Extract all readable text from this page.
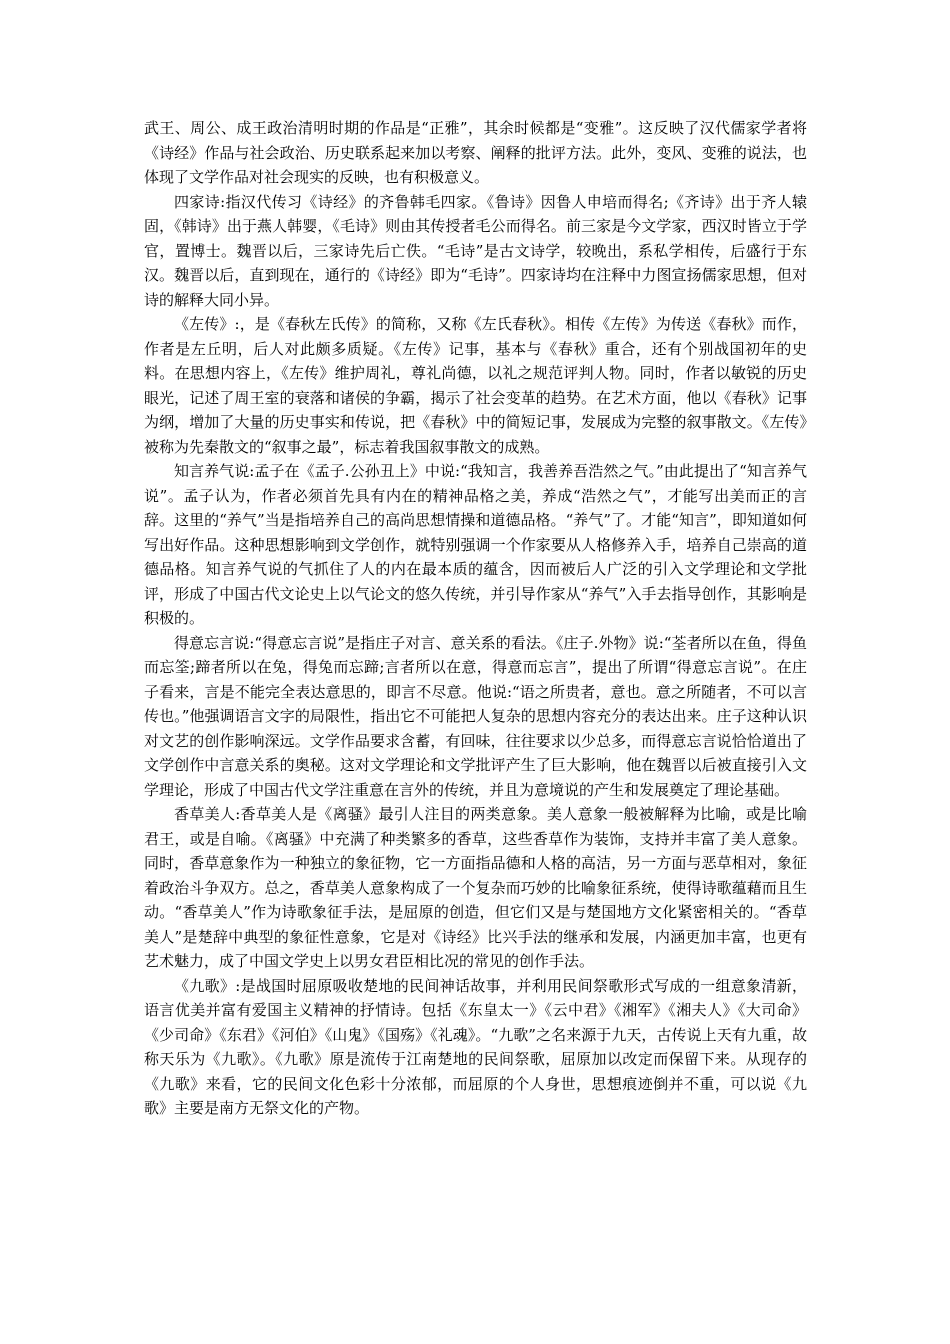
武王、周公、成王政治清明时期的作品是“正雅”，其余时候都是“变雅”。这反映了汉代儒家学者将《诗经》作品与社会政治、历史联系起来加以考察、阐释的批评方法。此外，变风、变雅的说法，也体现了文学作品对社会现实的反映，也有积极意义。

四家诗:指汉代传习《诗经》的齐鲁韩毛四家。《鲁诗》因鲁人申培而得名;《齐诗》出于齐人辕固，《韩诗》出于燕人韩婴，《毛诗》则由其传授者毛公而得名。前三家是今文学家，西汉时皆立于学官，置博士。魏晋以后，三家诗先后亡佚。“毛诗”是古文诗学，较晚出，系私学相传，后盛行于东汉。魏晋以后，直到现在，通行的《诗经》即为“毛诗”。四家诗均在注释中力图宣扬儒家思想，但对诗的解释大同小异。

《左传》:，是《春秋左氏传》的简称，又称《左氏春秋》。相传《左传》为传送《春秋》而作，作者是左丘明，后人对此颇多质疑。《左传》记事，基本与《春秋》重合，还有个别战国初年的史料。在思想内容上，《左传》维护周礼，尊礼尚德，以礼之规范评判人物。同时，作者以敏锐的历史眼光，记述了周王室的衰落和诸侯的争霸，揭示了社会变革的趋势。在艺术方面，他以《春秋》记事为纲，增加了大量的历史事实和传说，把《春秋》中的简短记事，发展成为完整的叙事散文。《左传》被称为先秦散文的“叙事之最”，标志着我国叙事散文的成熟。

知言养气说:孟子在《孟子.公孙丑上》中说:“我知言，我善养吾浩然之气。”由此提出了“知言养气说”。孟子认为，作者必须首先具有内在的精神品格之美，养成“浩然之气”，才能写出美而正的言辞。这里的“养气”当是指培养自己的高尚思想情操和道德品格。“养气”了。才能“知言”，即知道如何写出好作品。这种思想影响到文学创作，就特别强调一个作家要从人格修养入手，培养自己崇高的道德品格。知言养气说的气抓住了人的内在最本质的蕴含，因而被后人广泛的引入文学理论和文学批评，形成了中国古代文论史上以气论文的悠久传统，并引导作家从“养气”入手去指导创作，其影响是积极的。

得意忘言说:“得意忘言说”是指庄子对言、意关系的看法。《庄子.外物》说:“荃者所以在鱼，得鱼而忘筌;蹄者所以在兔，得兔而忘蹄;言者所以在意，得意而忘言”，提出了所谓“得意忘言说”。在庄子看来，言是不能完全表达意思的，即言不尽意。他说:“语之所贵者，意也。意之所随者，不可以言传也。”他强调语言文字的局限性，指出它不可能把人复杂的思想内容充分的表达出来。庄子这种认识对文艺的创作影响深远。文学作品要求含蓄，有回味，往往要求以少总多，而得意忘言说恰恰道出了文学创作中言意关系的奥秘。这对文学理论和文学批评产生了巨大影响，他在魏晋以后被直接引入文学理论，形成了中国古代文学注重意在言外的传统，并且为意境说的产生和发展奠定了理论基础。

香草美人:香草美人是《离骚》最引人注目的两类意象。美人意象一般被解释为比喻，或是比喻君王，或是自喻。《离骚》中充满了种类繁多的香草，这些香草作为装饰，支持并丰富了美人意象。同时，香草意象作为一种独立的象征物，它一方面指品德和人格的高洁，另一方面与恶草相对，象征着政治斗争双方。总之，香草美人意象构成了一个复杂而巧妙的比喻象征系统，使得诗歌蕴藉而且生动。“香草美人”作为诗歌象征手法，是屈原的创造，但它们又是与楚国地方文化紧密相关的。“香草美人”是楚辞中典型的象征性意象，它是对《诗经》比兴手法的继承和发展，内涵更加丰富，也更有艺术魅力，成了中国文学史上以男女君臣相比况的常见的创作手法。

《九歌》:是战国时屈原吸收楚地的民间神话故事，并利用民间祭歌形式写成的一组意象清新，语言优美并富有爱国主义精神的抒情诗。包括《东皇太一》《云中君》《湘军》《湘夫人》《大司命》《少司命》《东君》《河伯》《山鬼》《国殇》《礼魂》。“九歌”之名来源于九天，古传说上天有九重，故称天乐为《九歌》。《九歌》原是流传于江南楚地的民间祭歌，屈原加以改定而保留下来。从现存的《九歌》来看，它的民间文化色彩十分浓郁，而屈原的个人身世，思想痕迹倒并不重，可以说《九歌》主要是南方无祭文化的产物。
